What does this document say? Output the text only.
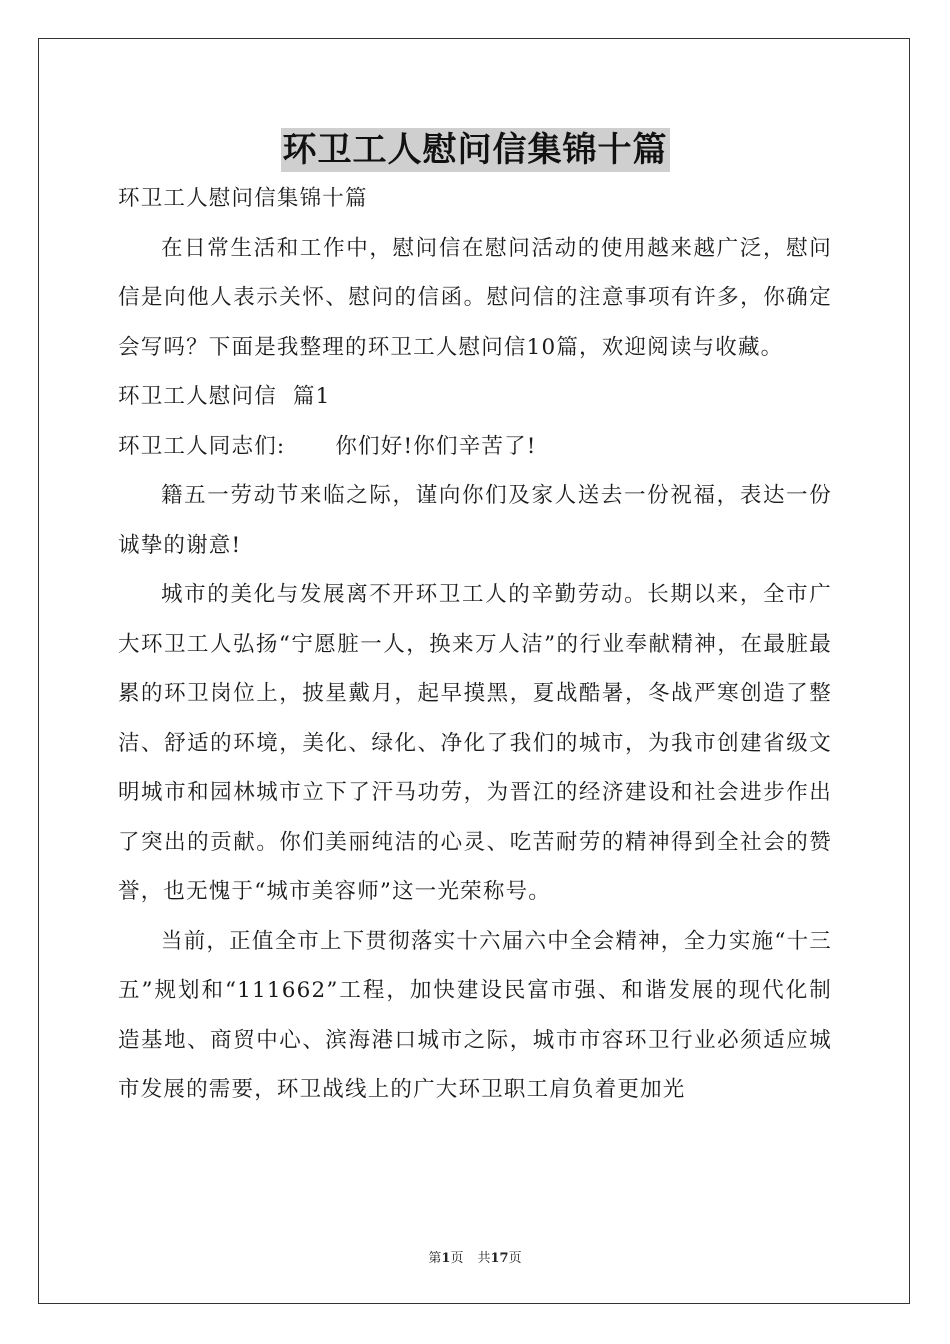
环卫工人慰问信集锦十篇

环卫工人慰问信集锦十篇

在日常生活和工作中，慰问信在慰问活动的使用越来越广泛，慰问信是向他人表示关怀、慰问的信函。慰问信的注意事项有许多，你确定会写吗？下面是我整理的环卫工人慰问信10篇，欢迎阅读与收藏。

环卫工人慰问信  篇1

环卫工人同志们: 你们好!你们辛苦了!

籍五一劳动节来临之际，谨向你们及家人送去一份祝福，表达一份诚挚的谢意!

城市的美化与发展离不开环卫工人的辛勤劳动。长期以来，全市广大环卫工人弘扬“宁愿脏一人，换来万人洁”的行业奉献精神，在最脏最累的环卫岗位上，披星戴月，起早摸黑，夏战酷暑，冬战严寒创造了整洁、舒适的环境，美化、绿化、净化了我们的城市，为我市创建省级文明城市和园林城市立下了汗马功劳，为晋江的经济建设和社会进步作出了突出的贡献。你们美丽纯洁的心灵、吃苦耐劳的精神得到全社会的赞誉，也无愧于“城市美容师”这一光荣称号。

当前，正值全市上下贯彻落实十六届六中全会精神，全力实施“十三五”规划和“111662”工程，加快建设民富市强、和谐发展的现代化制造基地、商贸中心、滨海港口城市之际，城市市容环卫行业必须适应城市发展的需要，环卫战线上的广大环卫职工肩负着更加光

第1页 共17页
